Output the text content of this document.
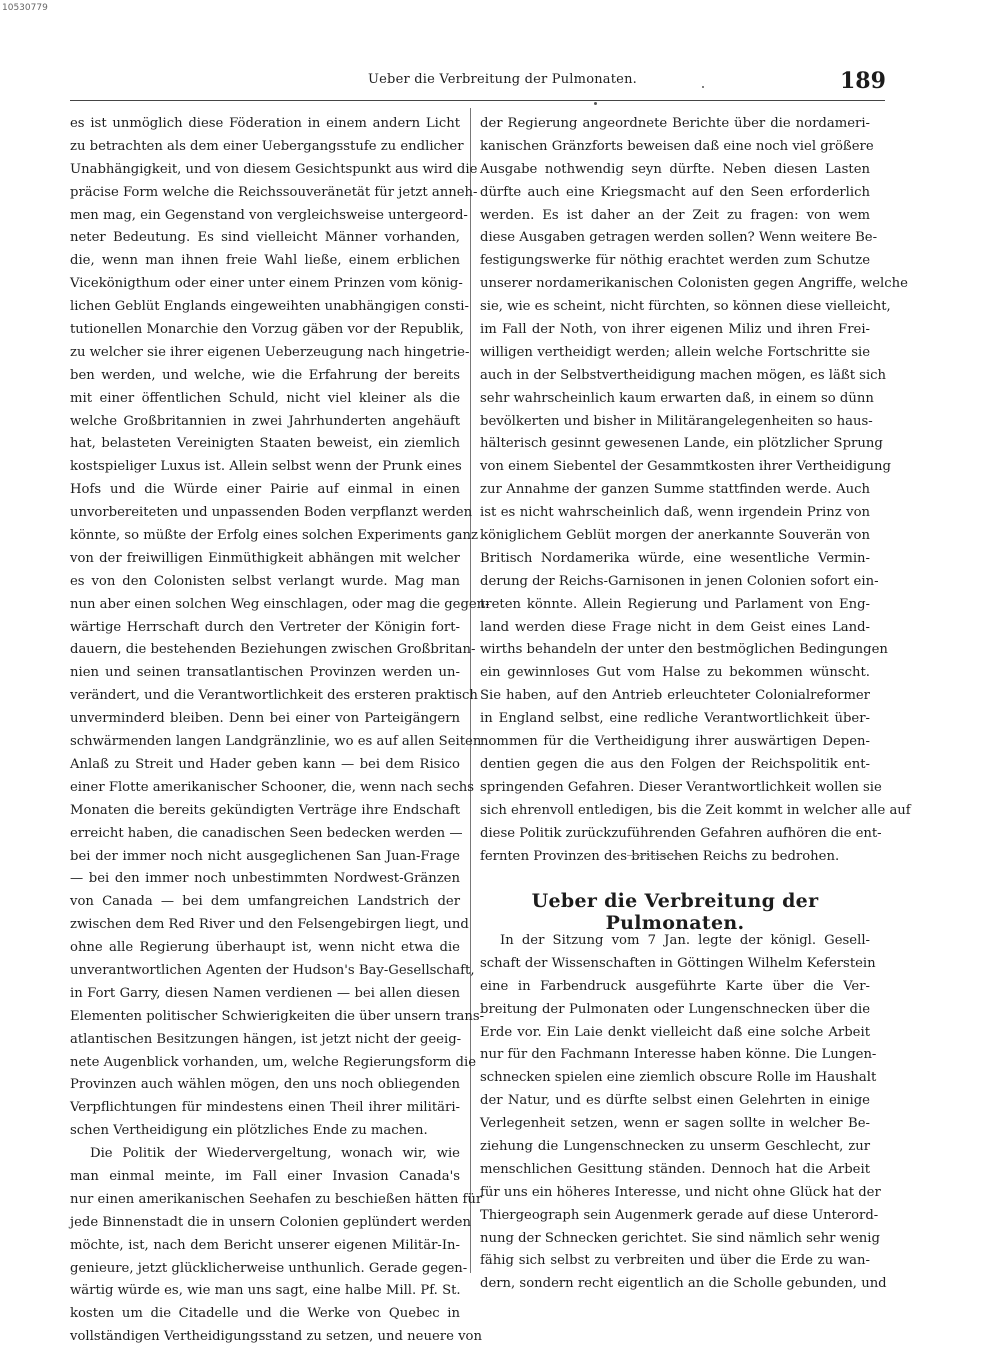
10530779
Ueber die Verbreitung der Pulmonaten.	189
es ist unmöglich diese Föderation in einem andern Licht
zu betrachten als dem einer Uebergangsstufe zu endlicher
Unabhängigkeit, und von diesem Gesichtspunkt aus wird die
präcise Form welche die Reichssouveränetät für jetzt anneh-
men mag, ein Gegenstand von vergleichsweise untergeord-
neter Bedeutung. Es sind vielleicht Männer vorhanden,
die, wenn man ihnen freie Wahl ließe, einem erblichen
Vicekönigthum oder einer unter einem Prinzen vom könig-
lichen Geblüt Englands eingeweihten unabhängigen consti-
tutionellen Monarchie den Vorzug gäben vor der Republik,
zu welcher sie ihrer eigenen Ueberzeugung nach hingetrie-
ben werden, und welche, wie die Erfahrung der bereits
mit einer öffentlichen Schuld, nicht viel kleiner als die
welche Großbritannien in zwei Jahrhunderten angehäuft
hat, belasteten Vereinigten Staaten beweist, ein ziemlich
kostspieliger Luxus ist. Allein selbst wenn der Prunk eines
Hofs und die Würde einer Pairie auf einmal in einen
unvorbereiteten und unpassenden Boden verpflanzt werden
könnte, so müßte der Erfolg eines solchen Experiments ganz
von der freiwilligen Einmüthigkeit abhängen mit welcher
es von den Colonisten selbst verlangt wurde. Mag man
nun aber einen solchen Weg einschlagen, oder mag die gegen-
wärtige Herrschaft durch den Vertreter der Königin fort-
dauern, die bestehenden Beziehungen zwischen Großbritan-
nien und seinen transatlantischen Provinzen werden un-
verändert, und die Verantwortlichkeit des ersteren praktisch
unverminderd bleiben. Denn bei einer von Parteigängern
schwärmenden langen Landgränzlinie, wo es auf allen Seiten
Anlaß zu Streit und Hader geben kann — bei dem Risico
einer Flotte amerikanischer Schooner, die, wenn nach sechs
Monaten die bereits gekündigten Verträge ihre Endschaft
erreicht haben, die canadischen Seen bedecken werden —
bei der immer noch nicht ausgeglichenen San Juan-Frage
— bei den immer noch unbestimmten Nordwest-Gränzen
von Canada — bei dem umfangreichen Landstrich der
zwischen dem Red River und den Felsengebirgen liegt, und
ohne alle Regierung überhaupt ist, wenn nicht etwa die
unverantwortlichen Agenten der Hudson's Bay-Gesellschaft,
in Fort Garry, diesen Namen verdienen — bei allen diesen
Elementen politischer Schwierigkeiten die über unsern trans-
atlantischen Besitzungen hängen, ist jetzt nicht der geeig-
nete Augenblick vorhanden, um, welche Regierungsform die
Provinzen auch wählen mögen, den uns noch obliegenden
Verpflichtungen für mindestens einen Theil ihrer militäri-
schen Vertheidigung ein plötzliches Ende zu machen.
Die Politik der Wiedervergeltung, wonach wir, wie
man einmal meinte, im Fall einer Invasion Canada's
nur einen amerikanischen Seehafen zu beschießen hätten für
jede Binnenstadt die in unsern Colonien geplündert werden
möchte, ist, nach dem Bericht unserer eigenen Militär-In-
genieure, jetzt glücklicherweise unthunlich. Gerade gegen-
wärtig würde es, wie man uns sagt, eine halbe Mill. Pf. St.
kosten um die Citadelle und die Werke von Quebec in
vollständigen Vertheidigungsstand zu setzen, und neuere von
der Regierung angeordnete Berichte über die nordameri-
kanischen Gränzforts beweisen daß eine noch viel größere
Ausgabe nothwendig seyn dürfte. Neben diesen Lasten
dürfte auch eine Kriegsmacht auf den Seen erforderlich
werden. Es ist daher an der Zeit zu fragen: von wem
diese Ausgaben getragen werden sollen? Wenn weitere Be-
festigungswerke für nöthig erachtet werden zum Schutze
unserer nordamerikanischen Colonisten gegen Angriffe, welche
sie, wie es scheint, nicht fürchten, so können diese vielleicht,
im Fall der Noth, von ihrer eigenen Miliz und ihren Frei-
willigen vertheidigt werden; allein welche Fortschritte sie
auch in der Selbstvertheidigung machen mögen, es läßt sich
sehr wahrscheinlich kaum erwarten daß, in einem so dünn
bevölkerten und bisher in Militärangelegenheiten so haus-
hälterisch gesinnt gewesenen Lande, ein plötzlicher Sprung
von einem Siebentel der Gesammtkosten ihrer Vertheidigung
zur Annahme der ganzen Summe stattfinden werde. Auch
ist es nicht wahrscheinlich daß, wenn irgendein Prinz von
königlichem Geblüt morgen der anerkannte Souverän von
Britisch Nordamerika würde, eine wesentliche Vermin-
derung der Reichs-Garnisonen in jenen Colonien sofort ein-
treten könnte. Allein Regierung und Parlament von Eng-
land werden diese Frage nicht in dem Geist eines Land-
wirths behandeln der unter den bestmöglichen Bedingungen
ein gewinnloses Gut vom Halse zu bekommen wünscht.
Sie haben, auf den Antrieb erleuchteter Colonialreformer
in England selbst, eine redliche Verantwortlichkeit über-
nommen für die Vertheidigung ihrer auswärtigen Depen-
dentien gegen die aus den Folgen der Reichspolitik ent-
springenden Gefahren. Dieser Verantwortlichkeit wollen sie
sich ehrenvoll entledigen, bis die Zeit kommt in welcher alle auf
diese Politik zurückzuführenden Gefahren aufhören die ent-
fernten Provinzen des britischen Reichs zu bedrohen.
Ueber die Verbreitung der Pulmonaten.
In der Sitzung vom 7 Jan. legte der königl. Gesell-
schaft der Wissenschaften in Göttingen Wilhelm Keferstein
eine in Farbendruck ausgeführte Karte über die Ver-
breitung der Pulmonaten oder Lungenschnecken über die
Erde vor. Ein Laie denkt vielleicht daß eine solche Arbeit
nur für den Fachmann Interesse haben könne. Die Lungen-
schnecken spielen eine ziemlich obscure Rolle im Haushalt
der Natur, und es dürfte selbst einen Gelehrten in einige
Verlegenheit setzen, wenn er sagen sollte in welcher Be-
ziehung die Lungenschnecken zu unserm Geschlecht, zur
menschlichen Gesittung ständen. Dennoch hat die Arbeit
für uns ein höheres Interesse, und nicht ohne Glück hat der
Thiergeograph sein Augenmerk gerade auf diese Unterord-
nung der Schnecken gerichtet. Sie sind nämlich sehr wenig
fähig sich selbst zu verbreiten und über die Erde zu wan-
dern, sondern recht eigentlich an die Scholle gebunden, und
